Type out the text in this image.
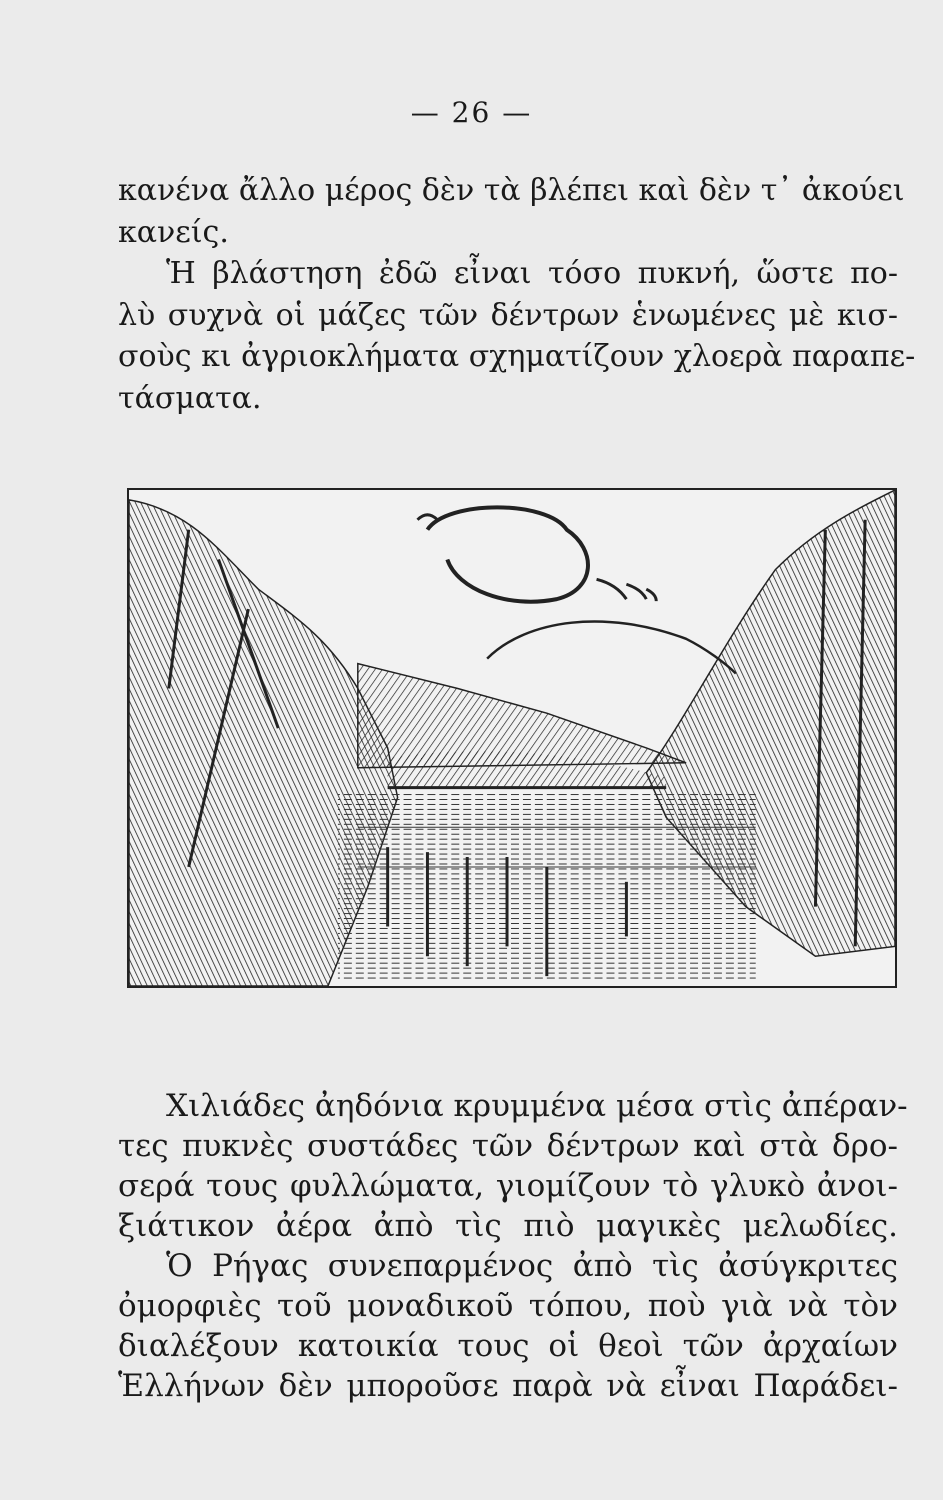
— 26 —
κανένα ἄλλο μέρος δὲν τὰ βλέπει καὶ δὲν τ᾽ ἀκούει
κανείς.
Ἡ βλάστηση ἐδῶ εἶναι τόσο πυκνή, ὥστε πο-
λὺ συχνὰ οἱ μάζες τῶν δέντρων ἑνωμένες μὲ κισ-
σοὺς κι ἀγριοκλήματα σχηματίζουν χλοερὰ παραπε-
τάσματα.
Χιλιάδες ἀηδόνια κρυμμένα μέσα στὶς ἀπέραν-
τες πυκνὲς συστάδες τῶν δέντρων καὶ στὰ δρο-
σερά τους φυλλώματα, γιομίζουν τὸ γλυκὸ ἀνοι-
ξιάτικον ἀέρα ἀπὸ τὶς πιὸ μαγικὲς μελωδίες.
Ὁ Ρήγας συνεπαρμένος ἀπὸ τὶς ἀσύγκριτες
ὀμορφιὲς τοῦ μοναδικοῦ τόπου, ποὺ γιὰ νὰ τὸν
διαλέξουν κατοικία τους οἱ θεοὶ τῶν ἀρχαίων
Ἑλλήνων δὲν μποροῦσε παρὰ νὰ εἶναι Παράδει-
